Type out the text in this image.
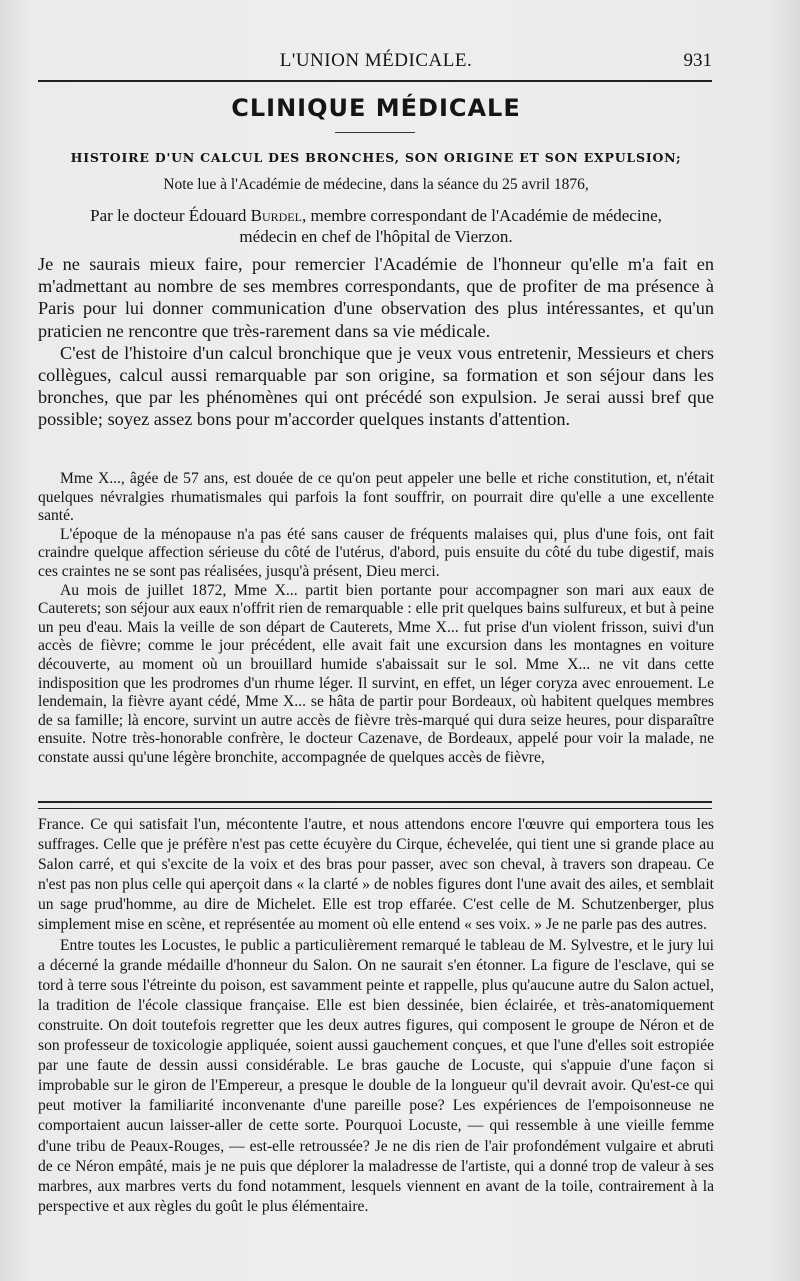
L'UNION MÉDICALE.	931
CLINIQUE MÉDICALE
HISTOIRE D'UN CALCUL DES BRONCHES, SON ORIGINE ET SON EXPULSION;
Note lue à l'Académie de médecine, dans la séance du 25 avril 1876,
Par le docteur Édouard Burdel, membre correspondant de l'Académie de médecine,
médecin en chef de l'hôpital de Vierzon.

Je ne saurais mieux faire, pour remercier l'Académie de l'honneur qu'elle m'a fait en m'admettant au nombre de ses membres correspondants, que de profiter de ma présence à Paris pour lui donner communication d'une observation des plus intéressantes, et qu'un praticien ne rencontre que très-rarement dans sa vie médicale.

C'est de l'histoire d'un calcul bronchique que je veux vous entretenir, Messieurs et chers collègues, calcul aussi remarquable par son origine, sa formation et son séjour dans les bronches, que par les phénomènes qui ont précédé son expulsion. Je serai aussi bref que possible; soyez assez bons pour m'accorder quelques instants d'attention.

Mme X..., âgée de 57 ans, est douée de ce qu'on peut appeler une belle et riche constitution, et, n'était quelques névralgies rhumatismales qui parfois la font souffrir, on pourrait dire qu'elle a une excellente santé.

L'époque de la ménopause n'a pas été sans causer de fréquents malaises qui, plus d'une fois, ont fait craindre quelque affection sérieuse du côté de l'utérus, d'abord, puis ensuite du côté du tube digestif, mais ces craintes ne se sont pas réalisées, jusqu'à présent, Dieu merci.

Au mois de juillet 1872, Mme X... partit bien portante pour accompagner son mari aux eaux de Cauterets; son séjour aux eaux n'offrit rien de remarquable : elle prit quelques bains sulfureux, et but à peine un peu d'eau. Mais la veille de son départ de Cauterets, Mme X... fut prise d'un violent frisson, suivi d'un accès de fièvre; comme le jour précédent, elle avait fait une excursion dans les montagnes en voiture découverte, au moment où un brouillard humide s'abaissait sur le sol. Mme X... ne vit dans cette indisposition que les prodromes d'un rhume léger. Il survint, en effet, un léger coryza avec enrouement. Le lendemain, la fièvre ayant cédé, Mme X... se hâta de partir pour Bordeaux, où habitent quelques membres de sa famille; là encore, survint un autre accès de fièvre très-marqué qui dura seize heures, pour disparaître ensuite. Notre très-honorable confrère, le docteur Cazenave, de Bordeaux, appelé pour voir la malade, ne constate aussi qu'une légère bronchite, accompagnée de quelques accès de fièvre,

France. Ce qui satisfait l'un, mécontente l'autre, et nous attendons encore l'œuvre qui emportera tous les suffrages. Celle que je préfère n'est pas cette écuyère du Cirque, échevelée, qui tient une si grande place au Salon carré, et qui s'excite de la voix et des bras pour passer, avec son cheval, à travers son drapeau. Ce n'est pas non plus celle qui aperçoit dans « la clarté » de nobles figures dont l'une avait des ailes, et semblait un sage prud'homme, au dire de Michelet. Elle est trop effarée. C'est celle de M. Schutzenberger, plus simplement mise en scène, et représentée au moment où elle entend « ses voix. » Je ne parle pas des autres.

Entre toutes les Locustes, le public a particulièrement remarqué le tableau de M. Sylvestre, et le jury lui a décerné la grande médaille d'honneur du Salon. On ne saurait s'en étonner. La figure de l'esclave, qui se tord à terre sous l'étreinte du poison, est savamment peinte et rappelle, plus qu'aucune autre du Salon actuel, la tradition de l'école classique française. Elle est bien dessinée, bien éclairée, et très-anatomiquement construite. On doit toutefois regretter que les deux autres figures, qui composent le groupe de Néron et de son professeur de toxicologie appliquée, soient aussi gauchement conçues, et que l'une d'elles soit estropiée par une faute de dessin aussi considérable. Le bras gauche de Locuste, qui s'appuie d'une façon si improbable sur le giron de l'Empereur, a presque le double de la longueur qu'il devrait avoir. Qu'est-ce qui peut motiver la familiarité inconvenante d'une pareille pose? Les expériences de l'empoisonneuse ne comportaient aucun laisser-aller de cette sorte. Pourquoi Locuste, — qui ressemble à une vieille femme d'une tribu de Peaux-Rouges, — est-elle retroussée? Je ne dis rien de l'air profondément vulgaire et abruti de ce Néron empâté, mais je ne puis que déplorer la maladresse de l'artiste, qui a donné trop de valeur à ses marbres, aux marbres verts du fond notamment, lesquels viennent en avant de la toile, contrairement à la perspective et aux règles du goût le plus élémentaire.
